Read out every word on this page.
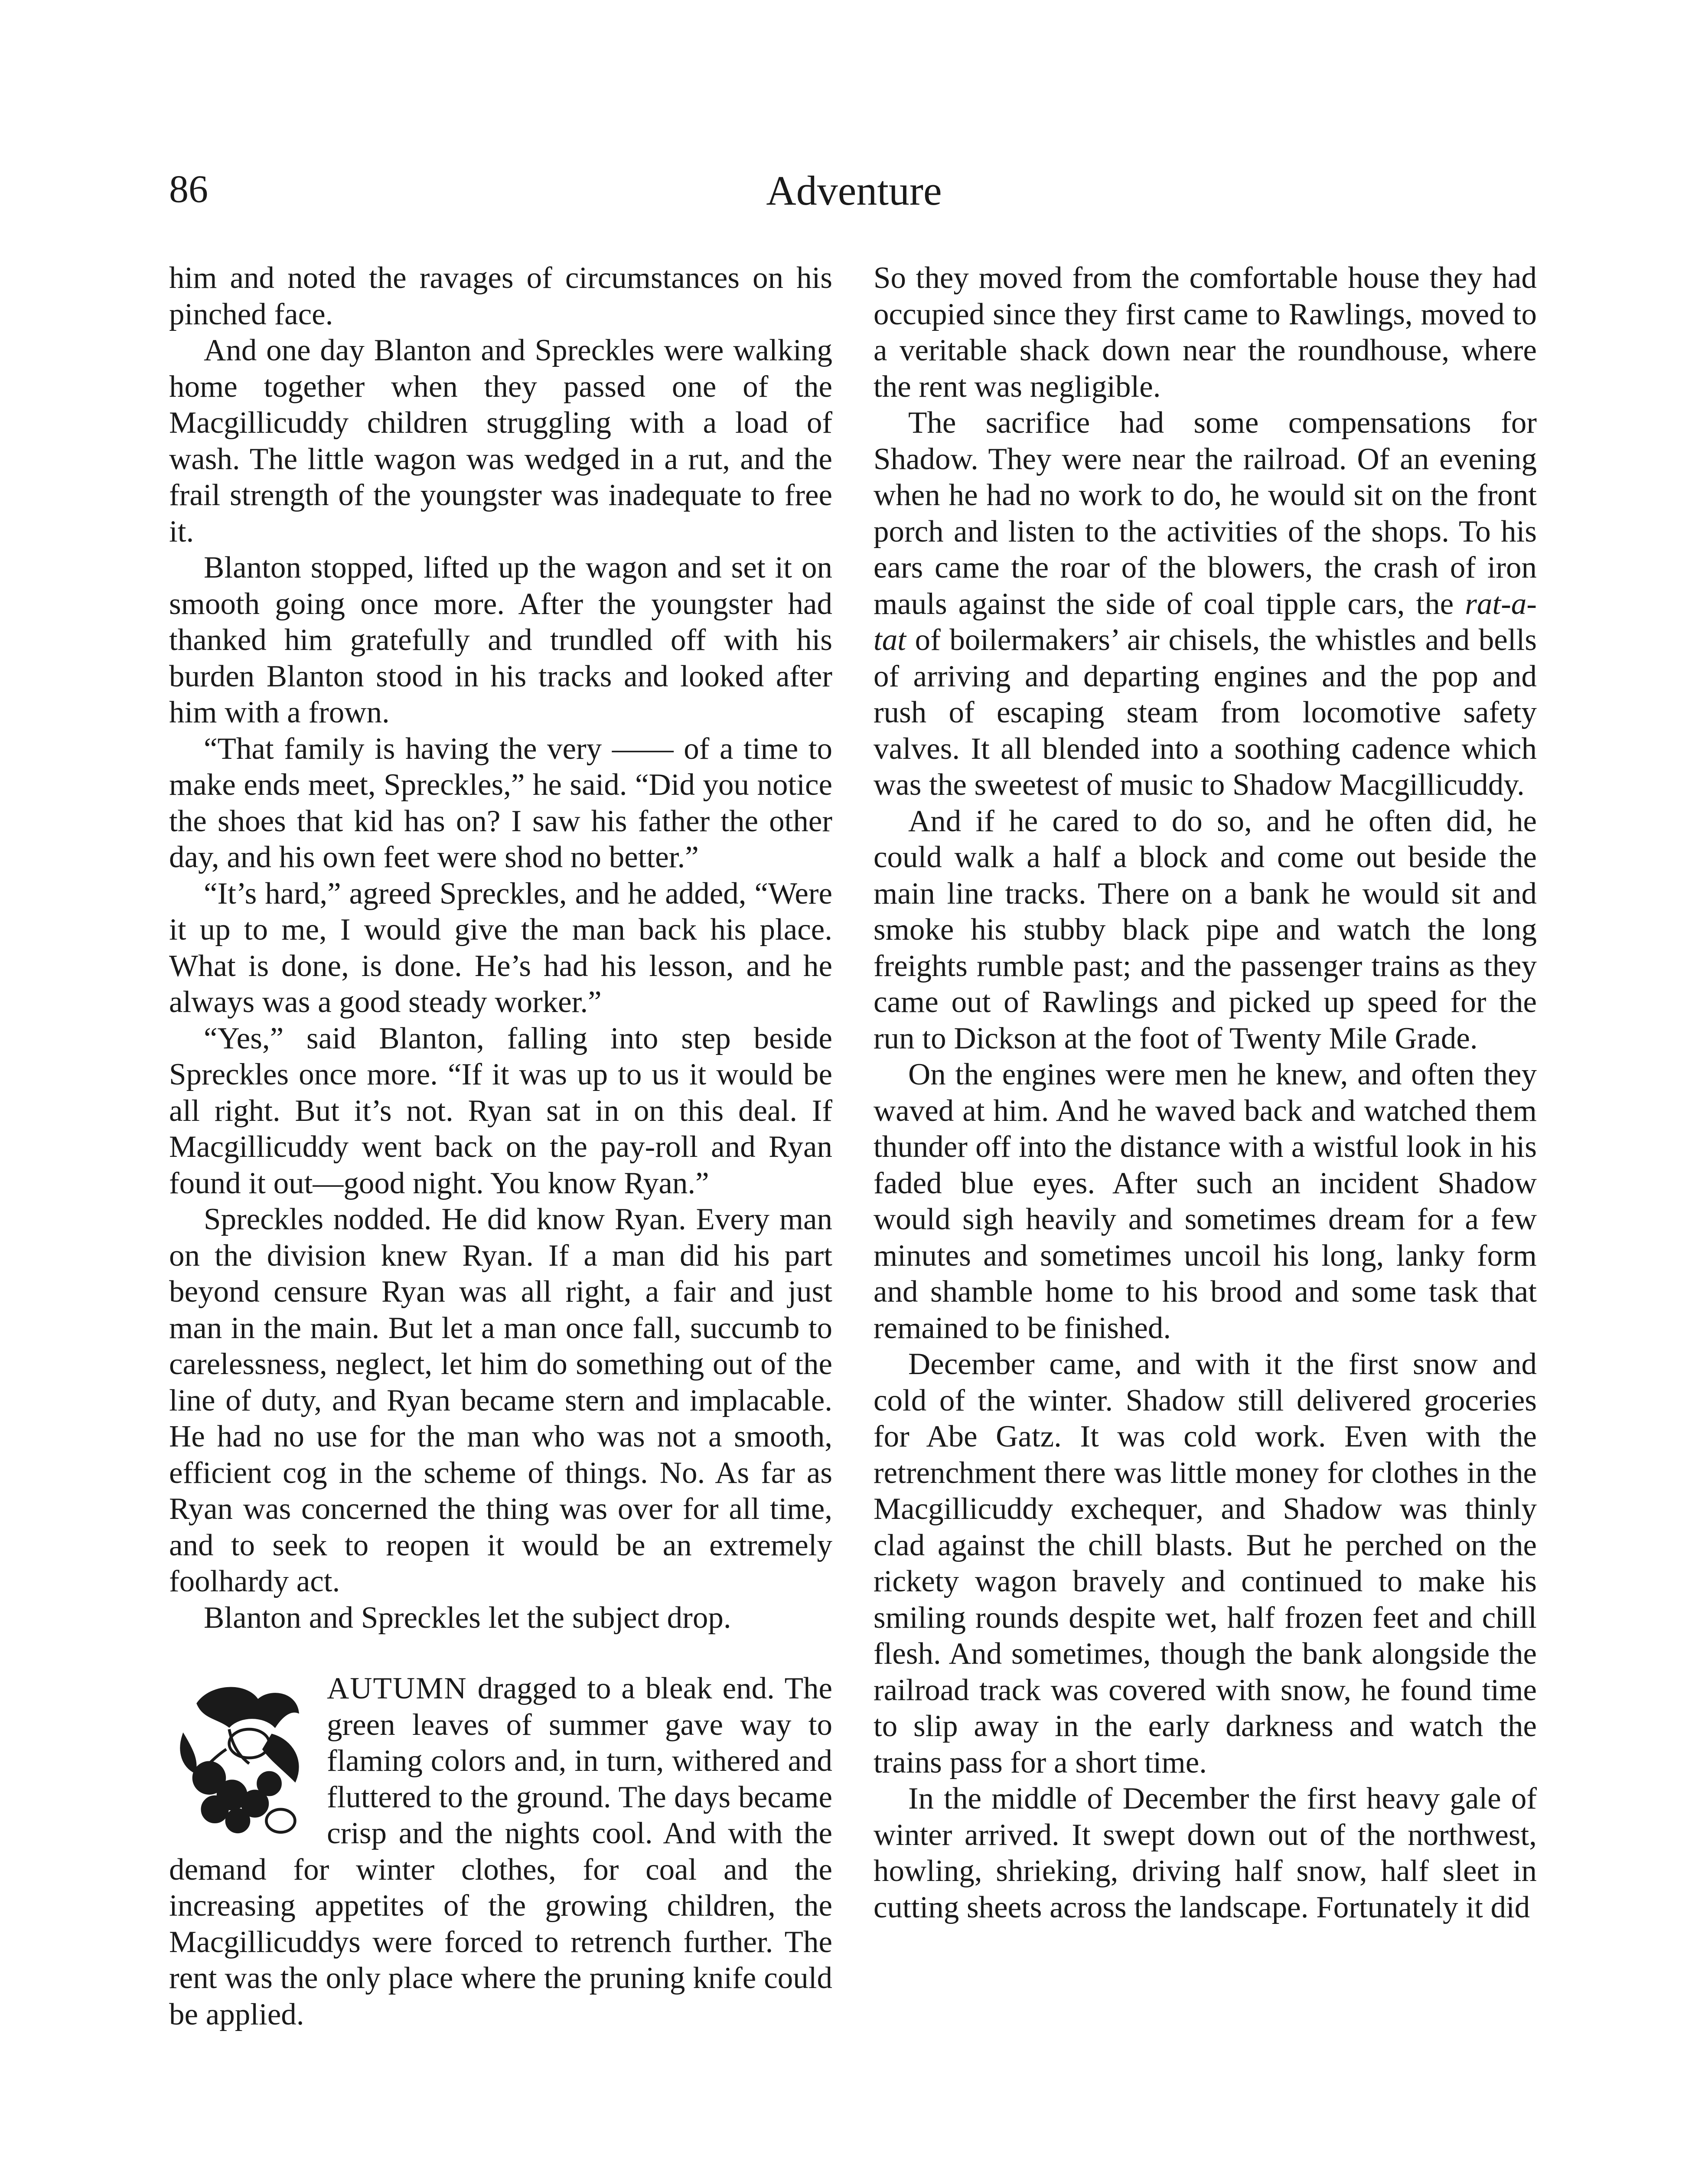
86	Adventure

him and noted the ravages of circumstances on his pinched face.

And one day Blanton and Spreckles were walking home together when they passed one of the Macgillicuddy children struggling with a load of wash. The little wagon was wedged in a rut, and the frail strength of the youngster was inadequate to free it.

Blanton stopped, lifted up the wagon and set it on smooth going once more. After the youngster had thanked him gratefully and trundled off with his burden Blanton stood in his tracks and looked after him with a frown.

“That family is having the very —— of a time to make ends meet, Spreckles,” he said. “Did you notice the shoes that kid has on? I saw his father the other day, and his own feet were shod no better.”

“It’s hard,” agreed Spreckles, and he added, “Were it up to me, I would give the man back his place. What is done, is done. He’s had his lesson, and he always was a good steady worker.”

“Yes,” said Blanton, falling into step beside Spreckles once more. “If it was up to us it would be all right. But it’s not. Ryan sat in on this deal. If Macgillicuddy went back on the pay-roll and Ryan found it out—good night. You know Ryan.”

Spreckles nodded. He did know Ryan. Every man on the division knew Ryan. If a man did his part beyond censure Ryan was all right, a fair and just man in the main. But let a man once fall, succumb to carelessness, neglect, let him do something out of the line of duty, and Ryan became stern and implacable. He had no use for the man who was not a smooth, efficient cog in the scheme of things. No. As far as Ryan was concerned the thing was over for all time, and to seek to reopen it would be an extremely foolhardy act.

Blanton and Spreckles let the subject drop.

AUTUMN dragged to a bleak end. The green leaves of summer gave way to flaming colors and, in turn, withered and fluttered to the ground. The days became crisp and the nights cool. And with the demand for winter clothes, for coal and the increasing appetites of the growing children, the Macgillicuddys were forced to retrench further. The rent was the only place where the pruning knife could be applied.

So they moved from the comfortable house they had occupied since they first came to Rawlings, moved to a veritable shack down near the roundhouse, where the rent was negligible.

The sacrifice had some compensations for Shadow. They were near the railroad. Of an evening when he had no work to do, he would sit on the front porch and listen to the activities of the shops. To his ears came the roar of the blowers, the crash of iron mauls against the side of coal tipple cars, the rat-a-tat of boilermakers’ air chisels, the whistles and bells of arriving and departing engines and the pop and rush of escaping steam from locomotive safety valves. It all blended into a soothing cadence which was the sweetest of music to Shadow Macgillicuddy.

And if he cared to do so, and he often did, he could walk a half a block and come out beside the main line tracks. There on a bank he would sit and smoke his stubby black pipe and watch the long freights rumble past; and the passenger trains as they came out of Rawlings and picked up speed for the run to Dickson at the foot of Twenty Mile Grade.

On the engines were men he knew, and often they waved at him. And he waved back and watched them thunder off into the distance with a wistful look in his faded blue eyes. After such an incident Shadow would sigh heavily and sometimes dream for a few minutes and sometimes uncoil his long, lanky form and shamble home to his brood and some task that remained to be finished.

December came, and with it the first snow and cold of the winter. Shadow still delivered groceries for Abe Gatz. It was cold work. Even with the retrenchment there was little money for clothes in the Macgillicuddy exchequer, and Shadow was thinly clad against the chill blasts. But he perched on the rickety wagon bravely and continued to make his smiling rounds despite wet, half frozen feet and chill flesh. And sometimes, though the bank alongside the railroad track was covered with snow, he found time to slip away in the early darkness and watch the trains pass for a short time.

In the middle of December the first heavy gale of winter arrived. It swept down out of the northwest, howling, shrieking, driving half snow, half sleet in cutting sheets across the landscape. Fortunately it did
